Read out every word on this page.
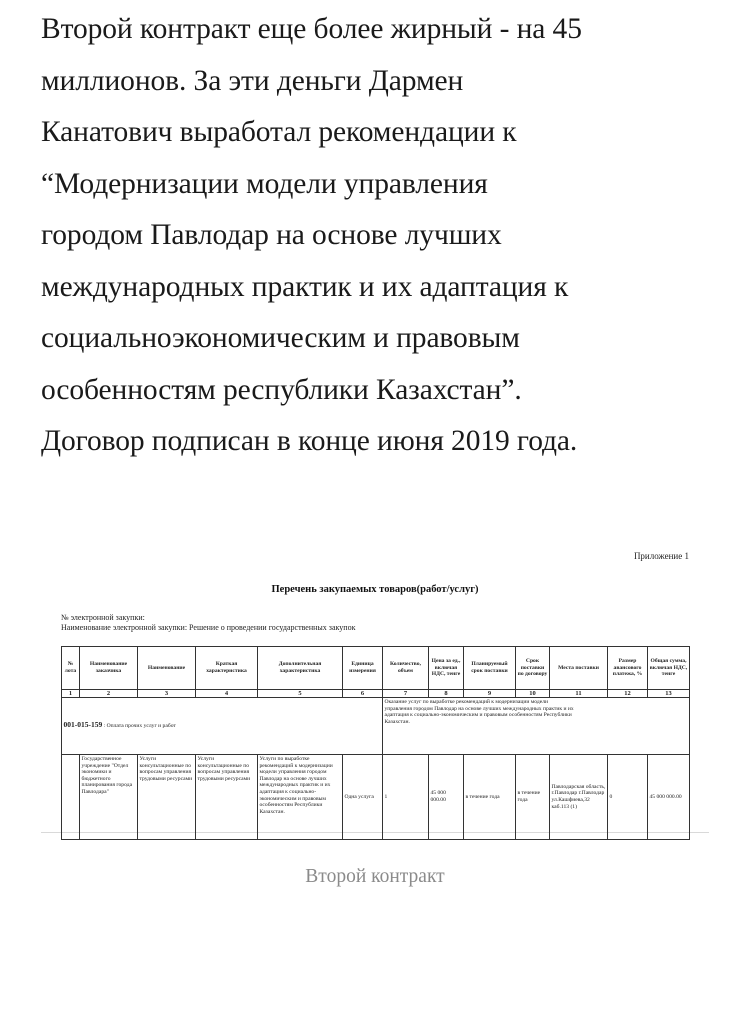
Второй контракт еще более жирный - на 45
миллионов. За эти деньги Дармен
Канатович выработал рекомендации к
“Модернизации модели управления
городом Павлодар на основе лучших
международных практик и их адаптация к
социальноэкономическим и правовым
особенностям республики Казахстан”.
Договор подписан в конце июня 2019 года.
Приложение 1
Перечень закупаемых товаров(работ/услуг)
№ электронной закупки:
Наименование электронной закупки: Решение о проведении государственных закупок
№ лота	Наименование заказчика	Наименование	Краткая характеристика	Дополнительная характеристика	Единица измерения	Количество, объем	Цена за ед., включая НДС, тенге	Планируемый срок поставки	Срок поставки по договору	Места поставки	Размер авансового платежа, %	Общая сумма, включая НДС, тенге
1	2	3	4	5	6	7	8	9	10	11	12	13
001-015-159 : Оплата прочих услуг и работ						Оказание услуг по выработке рекомендаций к модернизации модели управления городом Павлодар на основе лучших международных практик и их адаптация к социально-экономическим и правовым особенностям Республики Казахстан.						

	Государственное учреждение "Отдел экономики и бюджетного планирования города Павлодара"	Услуги консультационные по вопросам управления трудовыми ресурсами	Услуги консультационные по вопросам управления трудовыми ресурсами	Услуги по выработке рекомендаций к модернизации модели управления городом Павлодар на основе лучших международных практик и их адаптация к социально-экономическим и правовым особенностям Республики Казахстан.	Одна услуга	1	45 000 000.00	в течение года	в течение года	Павлодарская область, г.Павлодар г.Павлодар ул.Кашфиева,32 каб.113 (1)	0	45 000 000.00
Второй контракт
